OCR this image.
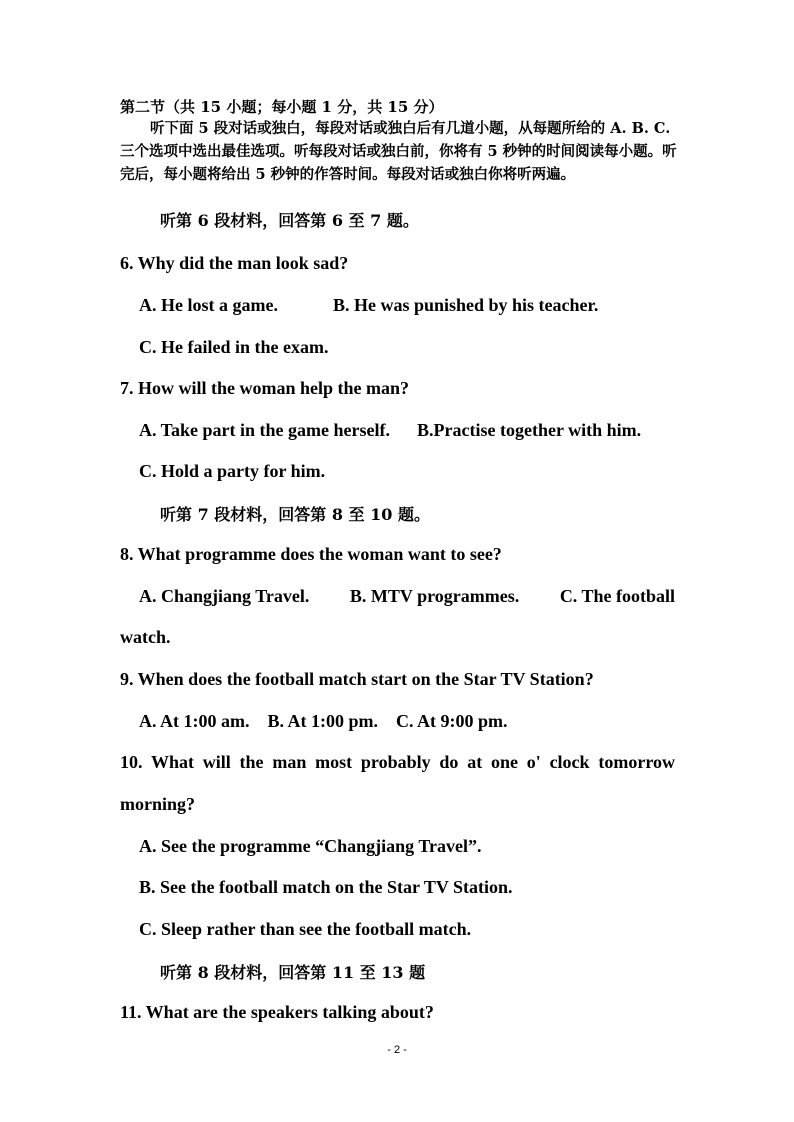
第二节（共 15 小题；每小题 1 分，共 15 分）
听下面 5 段对话或独白，每段对话或独白后有几道小题，从每题所给的 A. B. C. 三个选项中选出最佳选项。听每段对话或独白前，你将有 5 秒钟的时间阅读每小题。听完后，每小题将给出 5 秒钟的作答时间。每段对话或独白你将听两遍。
听第 6 段材料，回答第 6 至 7 题。
6. Why did the man look sad?
A. He lost a game.	B. He was punished by his teacher.
C. He failed in the exam.
7. How will the woman help the man?
A. Take part in the game herself. B.Practise together with him.
C. Hold a party for him.
听第 7 段材料，回答第 8 至 10 题。
8. What programme does the woman want to see?
A. Changjiang Travel. B. MTV programmes. C. The football
watch.
9. When does the football match start on the Star TV Station?
A. At 1:00 am. B. At 1:00 pm. C. At 9:00 pm.
10. What will the man most probably do at one o' clock tomorrow
morning?
A. See the programme “Changjiang Travel”.
B. See the football match on the Star TV Station.
C. Sleep rather than see the football match.
听第 8 段材料，回答第 11 至 13 题
11. What are the speakers talking about?
- 2 -
